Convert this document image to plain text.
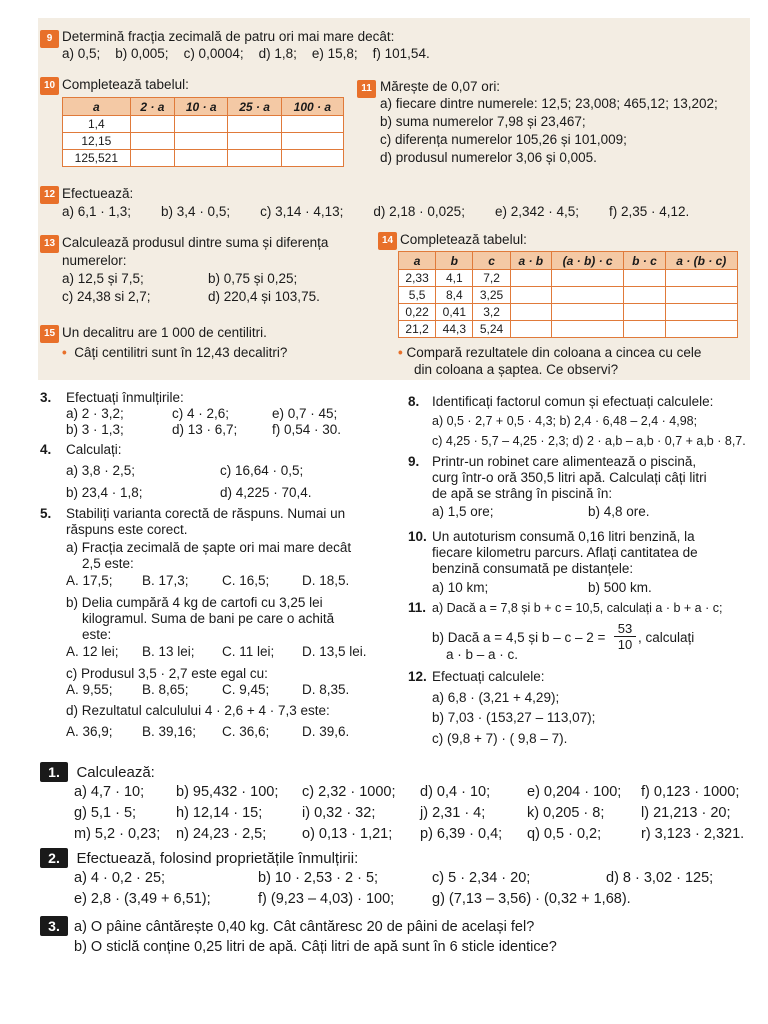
9 Determină fracția zecimală de patru ori mai mare decât:
a) 0,5;    b) 0,005;    c) 0,0004;    d) 1,8;    e) 15,8;    f) 101,54.
10 Completează tabelul:
a	2 · a	10 · a	25 · a	100 · a
1,4				
12,15				
125,521				
11 Mărește de 0,07 ori:
a) fiecare dintre numerele: 12,5; 23,008; 465,12; 13,202;
b) suma numerelor 7,98 și 23,467;
c) diferența numerelor 105,26 și 101,009;
d) produsul numerelor 3,06 și 0,005.
12 Efectuează:
a) 6,1 · 1,3;        b) 3,4 · 0,5;        c) 3,14 · 4,13;        d) 2,18 · 0,025;        e) 2,342 · 4,5;        f) 2,35 · 4,12.
13 Calculează produsul dintre suma și diferența
numerelor:
a) 12,5 și 7,5;	b) 0,75 și 0,25;
c) 24,38 si 2,7;	d) 220,4 și 103,75.
14 Completează tabelul:
a	b	c	a · b	(a · b) · c	b · c	a · (b · c)
2,33	4,1	7,2				
5,5	8,4	3,25				
0,22	0,41	3,2				
21,2	44,3	5,24				
• Compară rezultatele din coloana a cincea cu cele
din coloana a șaptea. Ce observi?
15 Un decalitru are 1 000 de centilitri.
• Câți centilitri sunt în 12,43 decalitri?
3. Efectuați înmulțirile:
a) 2 · 3,2;	c) 4 · 2,6;	e) 0,7 · 45;
b) 3 · 1,3;	d) 13 · 6,7;	f) 0,54 · 30.
4. Calculați:
a) 3,8 · 2,5;	c) 16,64 · 0,5;
b) 23,4 · 1,8;	d) 4,225 · 70,4.
5. Stabiliți varianta corectă de răspuns. Numai un
răspuns este corect.
a) Fracția zecimală de șapte ori mai mare decât
2,5 este:
A. 17,5; B. 17,3; C. 16,5; D. 18,5.
b) Delia cumpără 4 kg de cartofi cu 3,25 lei
kilogramul. Suma de bani pe care o achită
este:
A. 12 lei; B. 13 lei; C. 11 lei; D. 13,5 lei.
c) Produsul 3,5 · 2,7 este egal cu:
A. 9,55; B. 8,65; C. 9,45; D. 8,35.
d) Rezultatul calculului 4 · 2,6 + 4 · 7,3 este:
A. 36,9; B. 39,16; C. 36,6; D. 39,6.
8. Identificați factorul comun și efectuați calculele:
a) 0,5 · 2,7 + 0,5 · 4,3; b) 2,4 · 6,48 – 2,4 · 4,98;
c) 4,25 · 5,7 – 4,25 · 2,3; d) 2 · a,b – a,b · 0,7 + a,b · 8,7.
9. Printr-un robinet care alimentează o piscină,
curg într-o oră 350,5 litri apă. Calculați câți litri
de apă se strâng în piscină în:
a) 1,5 ore;	b) 4,8 ore.
10. Un autoturism consumă 0,16 litri benzină, la
fiecare kilometru parcurs. Aflați cantitatea de
benzină consumată pe distanțele:
a) 10 km;	b) 500 km.
11. a) Dacă a = 7,8 și b + c = 10,5, calculați a · b + a · c;
b) Dacă a = 4,5 și $b - c - 2 = \frac{53}{10}$ , calculați
a · b – a · c.
12. Efectuați calculele:
a) 6,8 · (3,21 + 4,29);
b) 7,03 · (153,27 – 113,07);
c) (9,8 + 7) · ( 9,8 – 7).
1. Calculează:
a) 4,7 · 10; b) 95,432 · 100; c) 2,32 · 1000; d) 0,4 · 10;	e) 0,204 · 100; f) 0,123 · 1000;
g) 5,1 · 5;	h) 12,14 · 15;	i) 0,32 · 32;	j) 2,31 · 4;	k) 0,205 · 8;	l) 21,213 · 20;
m) 5,2 · 0,23; n) 24,23 · 2,5; o) 0,13 · 1,21; p) 6,39 · 0,4; q) 0,5 · 0,2;	r) 3,123 · 2,321.
2. Efectuează, folosind proprietățile înmulțirii:
a) 4 · 0,2 · 25;	b) 10 · 2,53 · 2 · 5;	c) 5 · 2,34 · 20;	d) 8 · 3,02 · 125;
e) 2,8 · (3,49 + 6,51);	f) (9,23 – 4,03) · 100;	g) (7,13 – 3,56) · (0,32 + 1,68).
3. a) O pâine cântărește 0,40 kg. Cât cântăresc 20 de pâini de același fel?
b) O sticlă conține 0,25 litri de apă. Câți litri de apă sunt în 6 sticle identice?
